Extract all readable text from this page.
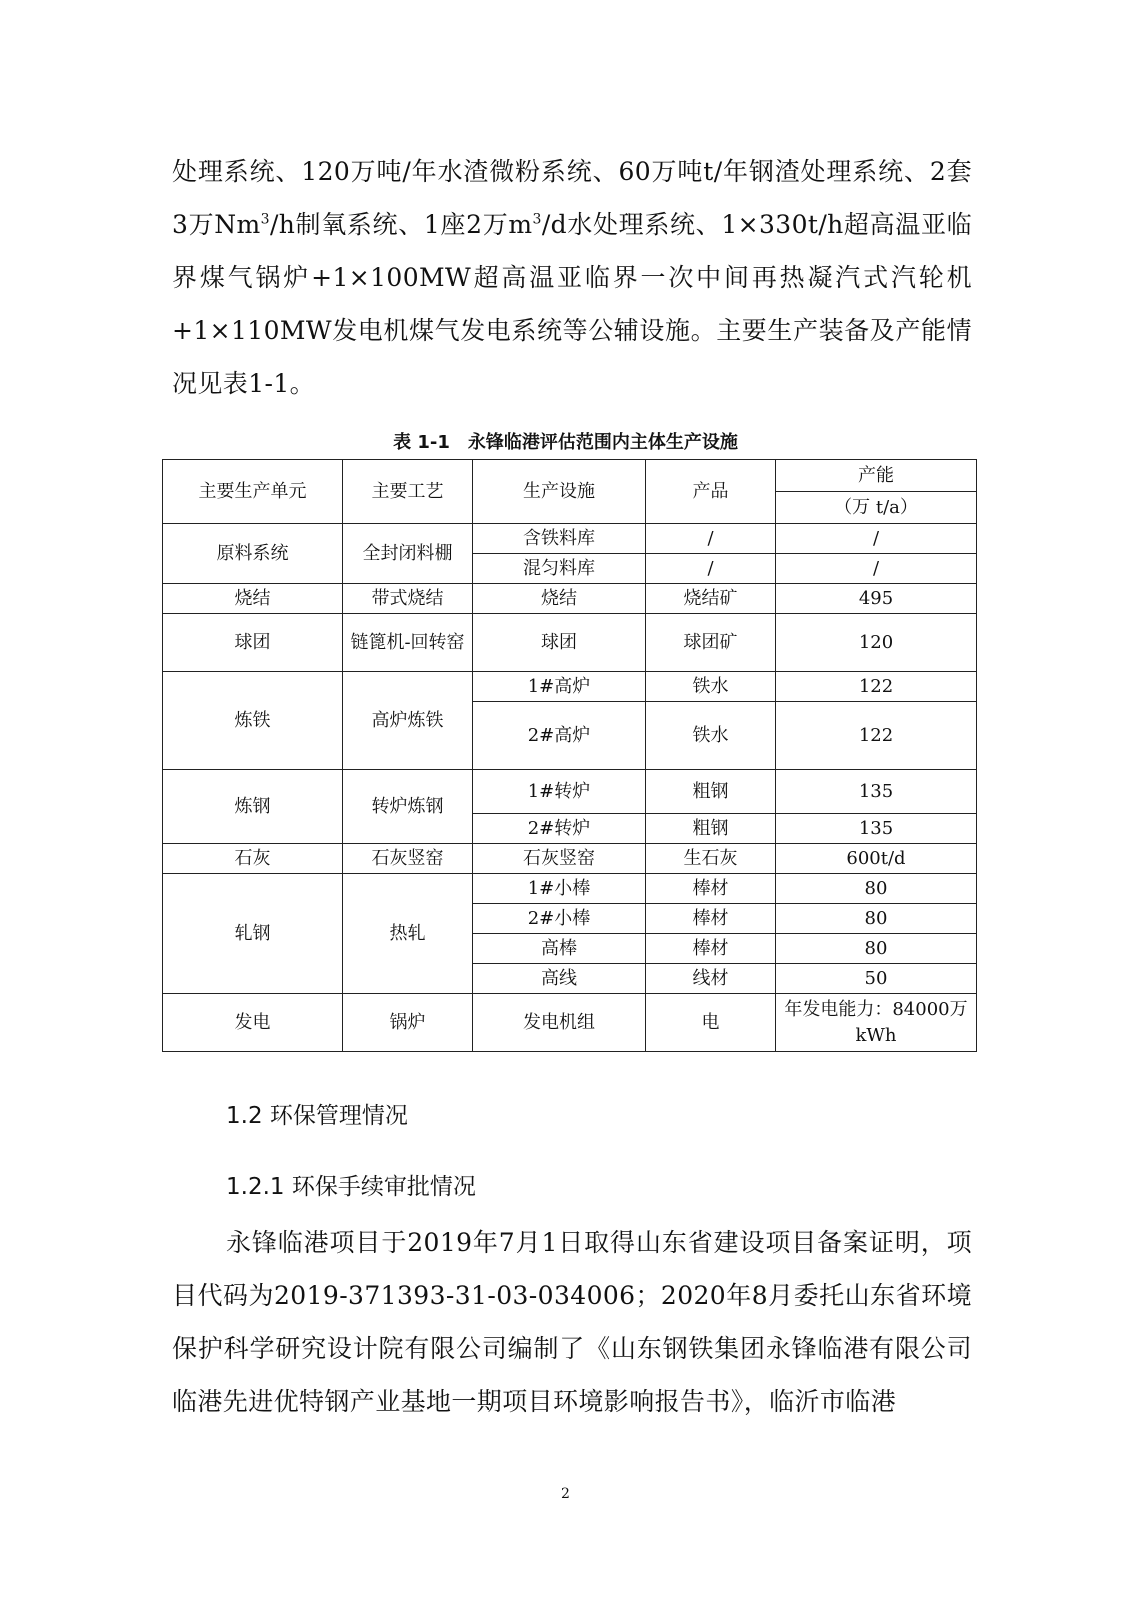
处理系统、120万吨/年水渣微粉系统、60万吨t/年钢渣处理系统、2套3万Nm$^3$/h制氧系统、1座2万$m^3/d$水处理系统、1×330t/h超高温亚临界煤气锅炉+1×100MW超高温亚临界一次中间再热凝汽式汽轮机+1×110MW发电机煤气发电系统等公辅设施。主要生产装备及产能情况见表1-1。
表 1-1　永锋临港评估范围内主体生产设施
主要生产单元	主要工艺	生产设施	产品	产能
				（万 t/a）
原料系统	全封闭料棚	含铁料库	/	/
		混匀料库	/	/
烧结	带式烧结	烧结	烧结矿	495
球团	链篦机-回转窑	球团	球团矿	120
炼铁	高炉炼铁	1#高炉	铁水	122
		2#高炉	铁水	122
炼钢	转炉炼钢	1#转炉	粗钢	135
		2#转炉	粗钢	135
石灰	石灰竖窑	石灰竖窑	生石灰	600t/d
轧钢	热轧	1#小棒	棒材	80
		2#小棒	棒材	80
		高棒	棒材	80
		高线	线材	50
发电	锅炉	发电机组	电	年发电能力：84000万 kWh
1.2 环保管理情况
1.2.1 环保手续审批情况
永锋临港项目于2019年7月1日取得山东省建设项目备案证明，项目代码为2019-371393-31-03-034006；2020年8月委托山东省环境保护科学研究设计院有限公司编制了《山东钢铁集团永锋临港有限公司临港先进优特钢产业基地一期项目环境影响报告书》，临沂市临港
2
